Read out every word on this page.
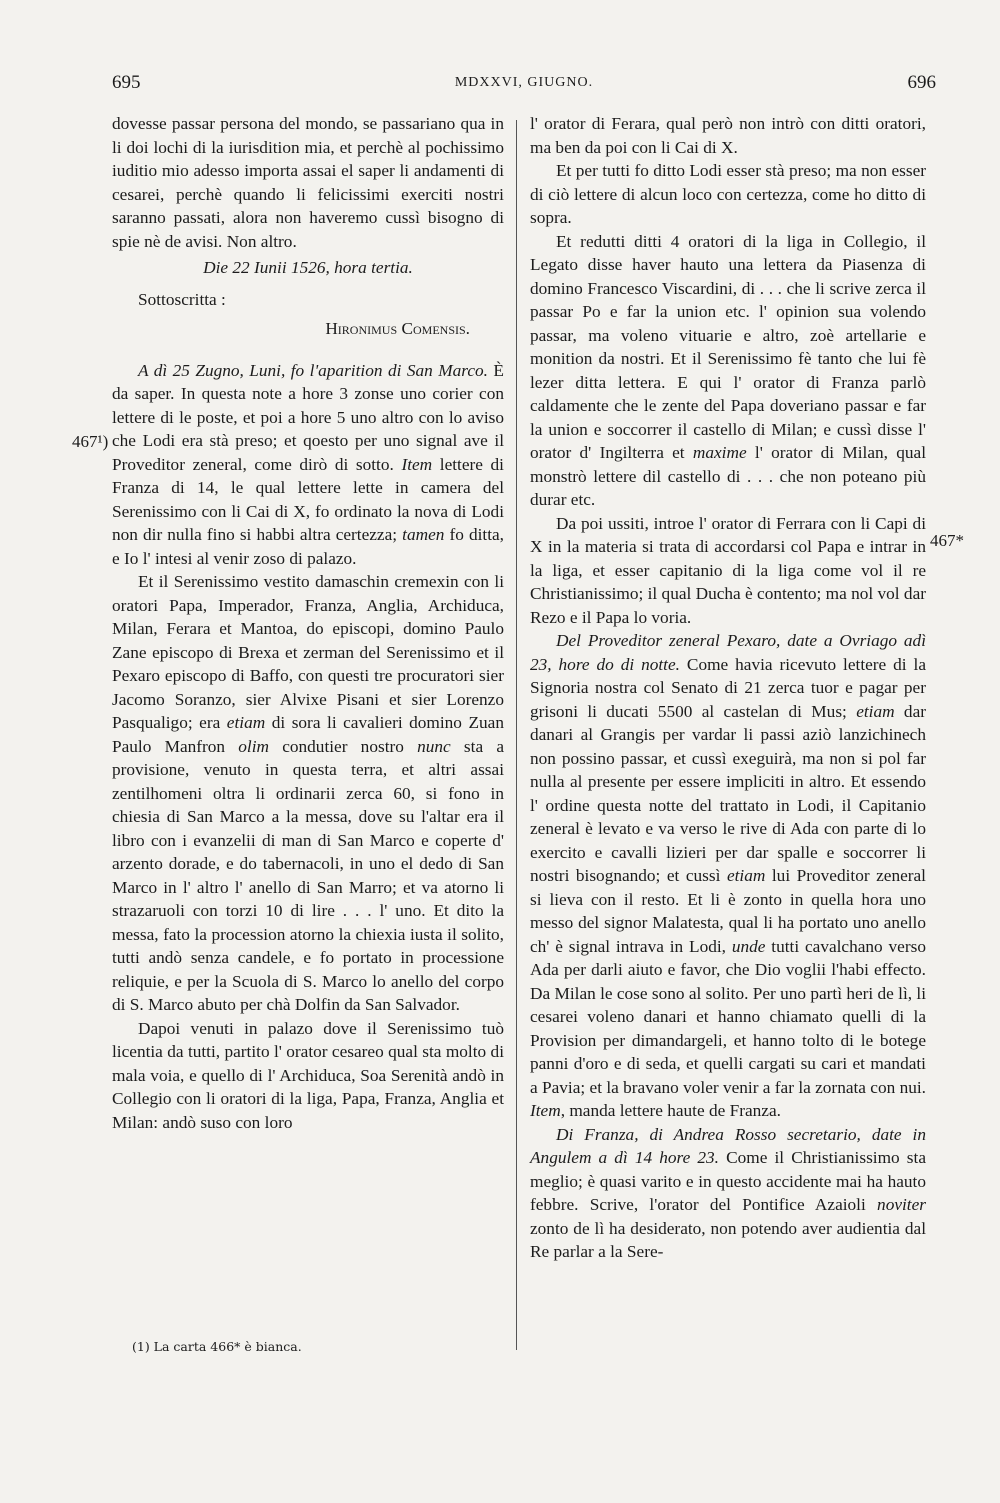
695	MDXXVI, GIUGNO.	696
467¹)
467*

dovesse passar persona del mondo, se passariano qua in li doi lochi di la iurisdition mia, et perchè al pochissimo iuditio mio adesso importa assai el saper li andamenti di cesarei, perchè quando li felicissimi exerciti nostri saranno passati, alora non haveremo cussì bisogno di spie nè de avisi. Non altro.

Die 22 Iunii 1526, hora tertia.

Sottoscritta :

Hironimus Comensis.

A dì 25 Zugno, Luni, fo l'aparition di San Marco. È da saper. In questa note a hore 3 zonse uno corier con lettere di le poste, et poi a hore 5 uno altro con lo aviso che Lodi era stà preso; et qoesto per uno signal ave il Proveditor zeneral, come dirò di sotto. Item lettere di Franza di 14, le qual lettere lette in camera del Serenissimo con li Cai di X, fo ordinato la nova di Lodi non dir nulla fino si habbi altra certezza; tamen fo ditta, e Io l' intesi al venir zoso di palazo.

Et il Serenissimo vestito damaschin cremexin con li oratori Papa, Imperador, Franza, Anglia, Archiduca, Milan, Ferara et Mantoa, do episcopi, domino Paulo Zane episcopo di Brexa et zerman del Serenissimo et il Pexaro episcopo di Baffo, con questi tre procuratori sier Jacomo Soranzo, sier Alvixe Pisani et sier Lorenzo Pasqualigo; era etiam di sora li cavalieri domino Zuan Paulo Manfron olim condutier nostro nunc sta a provisione, venuto in questa terra, et altri assai zentilhomeni oltra li ordinarii zerca 60, si fono in chiesia di San Marco a la messa, dove su l'altar era il libro con i evanzelii di man di San Marco e coperte d' arzento dorade, e do tabernacoli, in uno el dedo di San Marco in l' altro l' anello di San Marro; et va atorno li strazaruoli con torzi 10 di lire . . . l' uno. Et dito la messa, fato la procession atorno la chiexia iusta il solito, tutti andò senza candele, e fo portato in processione reliquie, e per la Scuola di S. Marco lo anello del corpo di S. Marco abuto per chà Dolfin da San Salvador.

Dapoi venuti in palazo dove il Serenissimo tuò licentia da tutti, partito l' orator cesareo qual sta molto di mala voia, e quello di l' Archiduca, Soa Serenità andò in Collegio con li oratori di la liga, Papa, Franza, Anglia et Milan: andò suso con loro

l' orator di Ferara, qual però non intrò con ditti oratori, ma ben da poi con li Cai di X.

Et per tutti fo ditto Lodi esser stà preso; ma non esser di ciò lettere di alcun loco con certezza, come ho ditto di sopra.

Et redutti ditti 4 oratori di la liga in Collegio, il Legato disse haver hauto una lettera da Piasenza di domino Francesco Viscardini, di . . . che li scrive zerca il passar Po e far la union etc. l' opinion sua volendo passar, ma voleno vituarie e altro, zoè artellarie e monition da nostri. Et il Serenissimo fè tanto che lui fè lezer ditta lettera. E qui l' orator di Franza parlò caldamente che le zente del Papa doveriano passar e far la union e soccorrer il castello di Milan; e cussì disse l' orator d' Ingilterra et maxime l' orator di Milan, qual monstrò lettere dil castello di . . . che non poteano più durar etc.

Da poi ussiti, introe l' orator di Ferrara con li Capi di X in la materia si trata di accordarsi col Papa e intrar in la liga, et esser capitanio di la liga come vol il re Christianissimo; il qual Ducha è contento; ma nol vol dar Rezo e il Papa lo voria.

Del Proveditor zeneral Pexaro, date a Ovriago adì 23, hore do di notte. Come havia ricevuto lettere di la Signoria nostra col Senato di 21 zerca tuor e pagar per grisoni li ducati 5500 al castelan di Mus; etiam dar danari al Grangis per vardar li passi aziò lanzichinech non possino passar, et cussì exeguirà, ma non si pol far nulla al presente per essere impliciti in altro. Et essendo l' ordine questa notte del trattato in Lodi, il Capitanio zeneral è levato e va verso le rive di Ada con parte di lo exercito e cavalli lizieri per dar spalle e soccorrer li nostri bisognando; et cussì etiam lui Proveditor zeneral si lieva con il resto. Et li è zonto in quella hora uno messo del signor Malatesta, qual li ha portato uno anello ch' è signal intrava in Lodi, unde tutti cavalchano verso Ada per darli aiuto e favor, che Dio voglii l'habi effecto. Da Milan le cose sono al solito. Per uno partì heri de lì, li cesarei voleno danari et hanno chiamato quelli di la Provision per dimandargeli, et hanno tolto di le botege panni d'oro e di seda, et quelli cargati su cari et mandati a Pavia; et la bravano voler venir a far la zornata con nui. Item, manda lettere haute de Franza.

Di Franza, di Andrea Rosso secretario, date in Angulem a dì 14 hore 23. Come il Christianissimo sta meglio; è quasi varito e in questo accidente mai ha hauto febbre. Scrive, l'orator del Pontifice Azaioli noviter zonto de lì ha desiderato, non potendo aver audientia dal Re parlar a la Sere-

(1) La carta 466* è bianca.
